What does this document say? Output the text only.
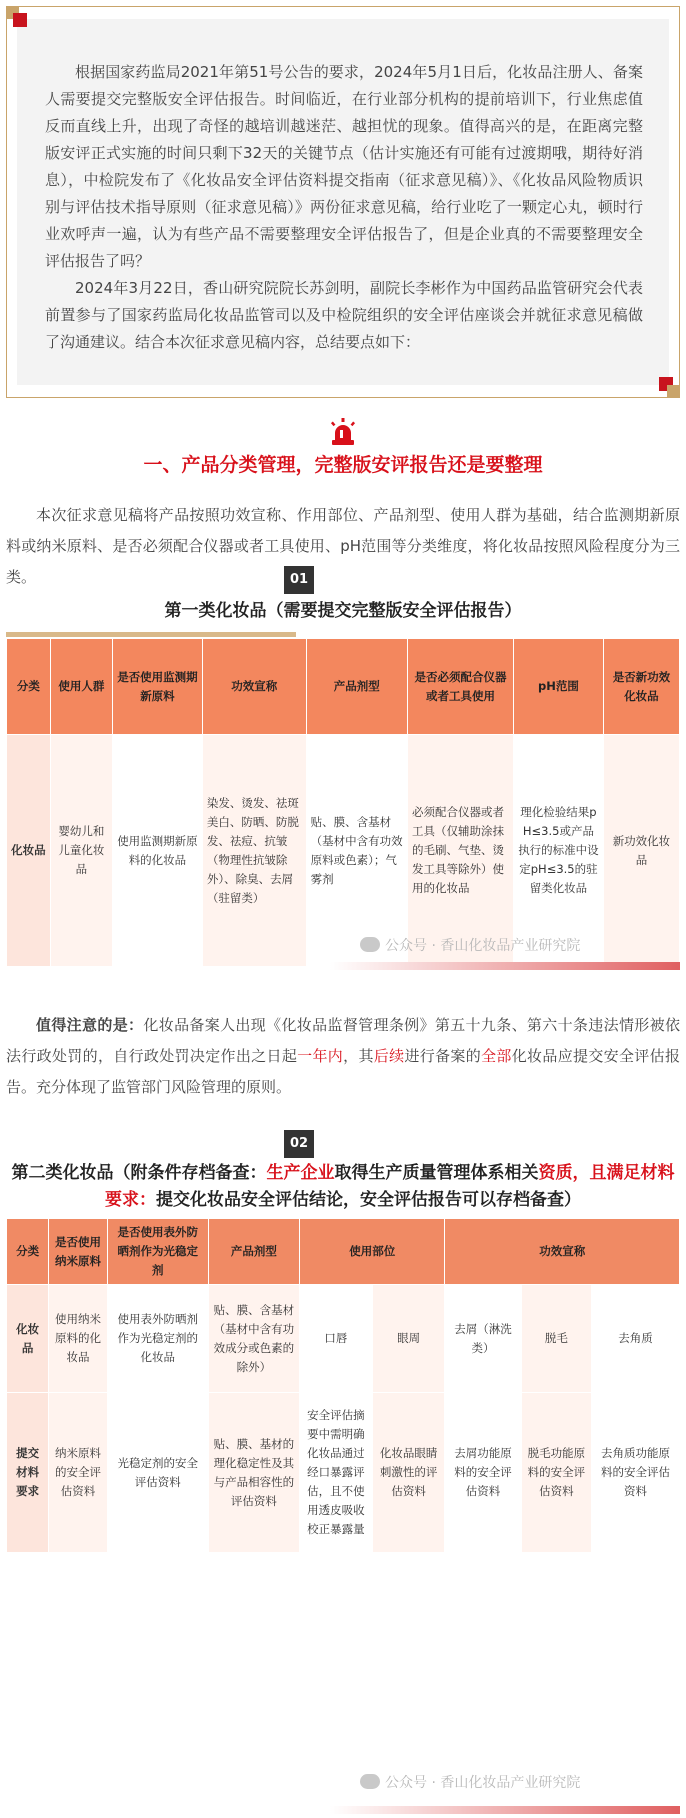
根据国家药监局2021年第51号公告的要求，2024年5月1日后，化妆品注册人、备案人需要提交完整版安全评估报告。时间临近，在行业部分机构的提前培训下，行业焦虑值反而直线上升，出现了奇怪的越培训越迷茫、越担忧的现象。值得高兴的是，在距离完整版安评正式实施的时间只剩下32天的关键节点（估计实施还有可能有过渡期哦，期待好消息），中检院发布了《化妆品安全评估资料提交指南（征求意见稿）》、《化妆品风险物质识别与评估技术指导原则（征求意见稿）》两份征求意见稿，给行业吃了一颗定心丸，顿时行业欢呼声一遍，认为有些产品不需要整理安全评估报告了，但是企业真的不需要整理安全评估报告了吗？

2024年3月22日，香山研究院院长苏剑明，副院长李彬作为中国药品监管研究会代表前置参与了国家药监局化妆品监管司以及中检院组织的安全评估座谈会并就征求意见稿做了沟通建议。结合本次征求意见稿内容，总结要点如下：

一、产品分类管理，完整版安评报告还是要整理
本次征求意见稿将产品按照功效宣称、作用部位、产品剂型、使用人群为基础，结合监测期新原料或纳米原料、是否必须配合仪器或者工具使用、pH范围等分类维度，将化妆品按照风险程度分为三类。	01
第一类化妆品（需要提交完整版安全评估报告）
分类	使用人群	是否使用监测期新原料	功效宣称	产品剂型	是否必须配合仪器或者工具使用	pH范围	是否新功效化妆品
化妆品	婴幼儿和儿童化妆品	使用监测期新原料的化妆品	染发、烫发、祛斑美白、防晒、防脱发、祛痘、抗皱（物理性抗皱除外）、除臭、去屑（驻留类）	贴、膜、含基材（基材中含有功效原料或色素）；气雾剂	必须配合仪器或者工具（仅辅助涂抹的毛刷、气垫、烫发工具等除外）使用的化妆品	理化检验结果pH≤3.5或产品执行的标准中设定pH≤3.5的驻留类化妆品	新功效化妆品
公众号 · 香山化妆品产业研究院
值得注意的是：化妆品备案人出现《化妆品监督管理条例》第五十九条、第六十条违法情形被依法行政处罚的，自行政处罚决定作出之日起一年内，其后续进行备案的全部化妆品应提交安全评估报告。充分体现了监管部门风险管理的原则。
02
第二类化妆品（附条件存档备查：生产企业取得生产质量管理体系相关资质，且满足材料要求：提交化妆品安全评估结论，安全评估报告可以存档备查）
分类	是否使用纳米原料	是否使用表外防晒剂作为光稳定剂	产品剂型	使用部位		功效宣称		
化妆品	使用纳米原料的化妆品	使用表外防晒剂作为光稳定剂的化妆品	贴、膜、含基材（基材中含有功效成分或色素的除外）	口唇	眼周	去屑（淋洗类）	脱毛	去角质
提交材料要求	纳米原料的安全评估资料	光稳定剂的安全评估资料	贴、膜、基材的理化稳定性及其与产品相容性的评估资料	安全评估摘要中需明确化妆品通过经口暴露评估，且不使用透皮吸收校正暴露量	化妆品眼睛刺激性的评估资料	去屑功能原料的安全评估资料	脱毛功能原料的安全评估资料	去角质功能原料的安全评估资料
公众号 · 香山化妆品产业研究院
